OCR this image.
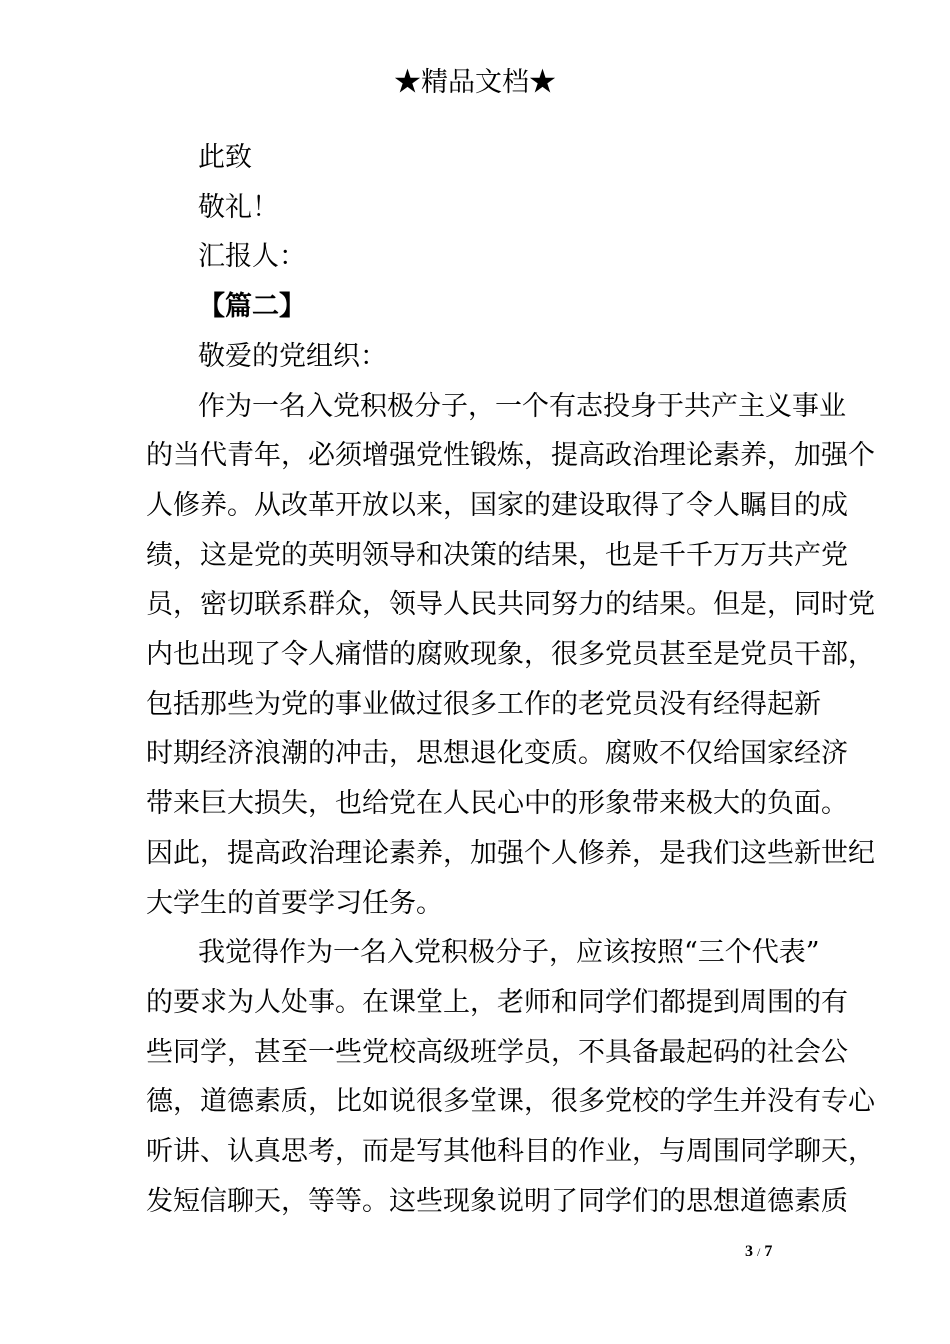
★精品文档★
此致
敬礼！
汇报人：
【篇二】
敬爱的党组织：
作为一名入党积极分子，一个有志投身于共产主义事业
的当代青年，必须增强党性锻炼，提高政治理论素养，加强个
人修养。从改革开放以来，国家的建设取得了令人瞩目的成
绩，这是党的英明领导和决策的结果，也是千千万万共产党
员，密切联系群众，领导人民共同努力的结果。但是，同时党
内也出现了令人痛惜的腐败现象，很多党员甚至是党员干部，
包括那些为党的事业做过很多工作的老党员没有经得起新
时期经济浪潮的冲击，思想退化变质。腐败不仅给国家经济
带来巨大损失，也给党在人民心中的形象带来极大的负面。
因此，提高政治理论素养，加强个人修养，是我们这些新世纪
大学生的首要学习任务。
我觉得作为一名入党积极分子，应该按照“三个代表”
的要求为人处事。在课堂上，老师和同学们都提到周围的有
些同学，甚至一些党校高级班学员，不具备最起码的社会公
德，道德素质，比如说很多堂课，很多党校的学生并没有专心
听讲、认真思考，而是写其他科目的作业，与周围同学聊天，
发短信聊天，等等。这些现象说明了同学们的思想道德素质
3 / 7
